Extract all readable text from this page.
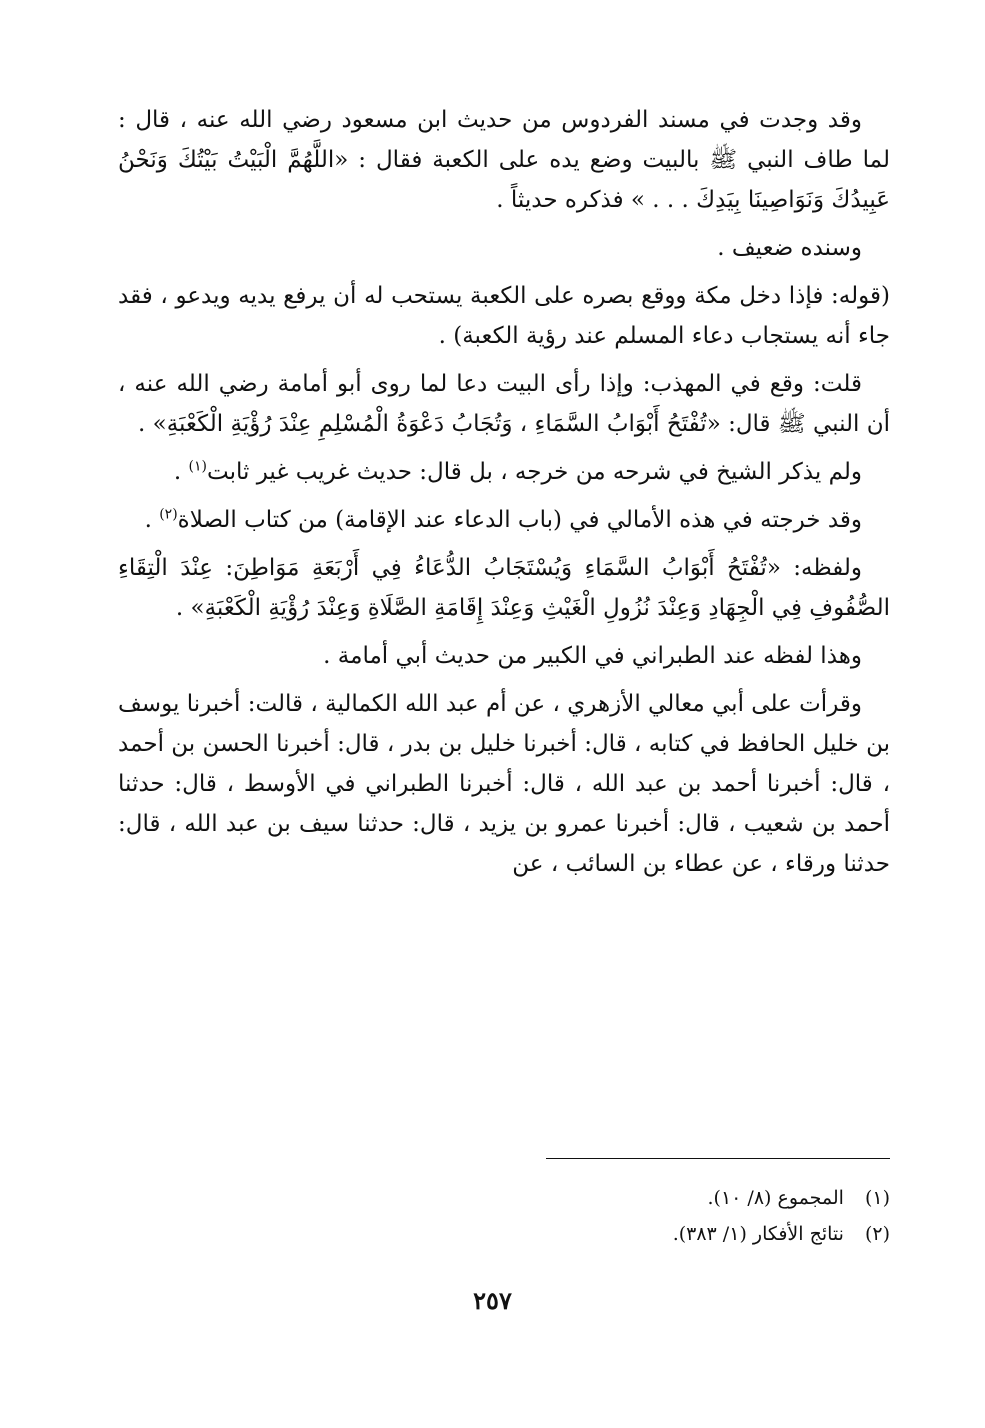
وقد وجدت في مسند الفردوس من حديث ابن مسعود رضي الله عنه ، قال : لما طاف النبي ﷺ بالبيت وضع يده على الكعبة فقال : «اللَّهُمَّ الْبَيْتُ بَيْتُكَ وَنَحْنُ عَبِيدُكَ وَنَوَاصِينَا بِيَدِكَ . . . » فذكره حديثاً .

وسنده ضعيف .

(قوله: فإذا دخل مكة ووقع بصره على الكعبة يستحب له أن يرفع يديه ويدعو ، فقد جاء أنه يستجاب دعاء المسلم عند رؤية الكعبة) .

قلت: وقع في المهذب: وإذا رأى البيت دعا لما روى أبو أمامة رضي الله عنه ، أن النبي ﷺ قال: «تُفْتَحُ أَبْوَابُ السَّمَاءِ ، وَتُجَابُ دَعْوَةُ الْمُسْلِمِ عِنْدَ رُؤْيَةِ الْكَعْبَةِ» .

ولم يذكر الشيخ في شرحه من خرجه ، بل قال: حديث غريب غير ثابت$^{(١)}$ .

وقد خرجته في هذه الأمالي في (باب الدعاء عند الإقامة) من كتاب الصلاة$^{(٢)}$ .

ولفظه: «تُفْتَحُ أَبْوَابُ السَّمَاءِ وَيُسْتَجَابُ الدُّعَاءُ فِي أَرْبَعَةِ مَوَاطِنَ: عِنْدَ الْتِقَاءِ الصُّفُوفِ فِي الْجِهَادِ وَعِنْدَ نُزُولِ الْغَيْثِ وَعِنْدَ إِقَامَةِ الصَّلَاةِ وَعِنْدَ رُؤْيَةِ الْكَعْبَةِ» .

وهذا لفظه عند الطبراني في الكبير من حديث أبي أمامة .

وقرأت على أبي معالي الأزهري ، عن أم عبد الله الكمالية ، قالت: أخبرنا يوسف بن خليل الحافظ في كتابه ، قال: أخبرنا خليل بن بدر ، قال: أخبرنا الحسن بن أحمد ، قال: أخبرنا أحمد بن عبد الله ، قال: أخبرنا الطبراني في الأوسط ، قال: حدثنا أحمد بن شعيب ، قال: أخبرنا عمرو بن يزيد ، قال: حدثنا سيف بن عبد الله ، قال: حدثنا ورقاء ، عن عطاء بن السائب ، عن

(١) المجموع (٨/ ١٠).
(٢) نتائج الأفكار (١/ ٣٨٣).
٢٥٧
